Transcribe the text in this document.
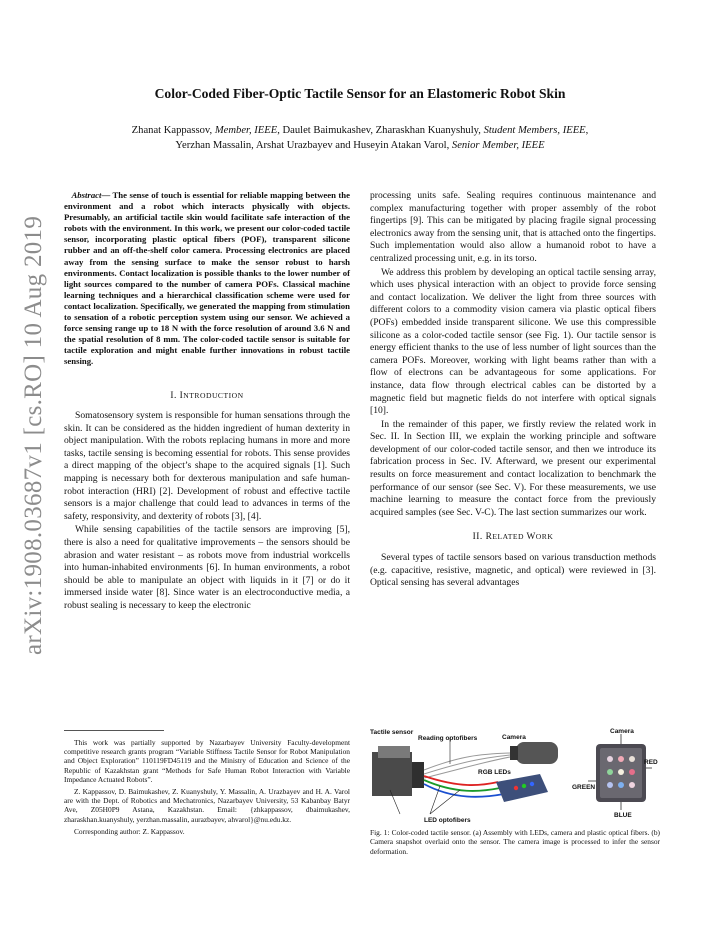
arXiv:1908.03687v1 [cs.RO] 10 Aug 2019
Color-Coded Fiber-Optic Tactile Sensor for an Elastomeric Robot Skin
Zhanat Kappassov, Member, IEEE, Daulet Baimukashev, Zharaskhan Kuanyshuly, Student Members, IEEE,
Yerzhan Massalin, Arshat Urazbayev and Huseyin Atakan Varol, Senior Member, IEEE
Abstract— The sense of touch is essential for reliable mapping between the environment and a robot which interacts physically with objects. Presumably, an artificial tactile skin would facilitate safe interaction of the robots with the environment. In this work, we present our color-coded tactile sensor, incorporating plastic optical fibers (POF), transparent silicone rubber and an off-the-shelf color camera. Processing electronics are placed away from the sensing surface to make the sensor robust to harsh environments. Contact localization is possible thanks to the lower number of light sources compared to the number of camera POFs. Classical machine learning techniques and a hierarchical classification scheme were used for contact localization. Specifically, we generated the mapping from stimulation to sensation of a robotic perception system using our sensor. We achieved a force sensing range up to 18 N with the force resolution of around 3.6 N and the spatial resolution of 8 mm. The color-coded tactile sensor is suitable for tactile exploration and might enable further innovations in robust tactile sensing.
I. INTRODUCTION

Somatosensory system is responsible for human sensations through the skin. It can be considered as the hidden ingredient of human dexterity in object manipulation. With the robots replacing humans in more and more tasks, tactile sensing is becoming essential for robots. This sense provides a direct mapping of the object’s shape to the acquired signals [1]. Such mapping is necessary both for dexterous manipulation and safe human-robot interaction (HRI) [2]. Development of robust and effective tactile sensors is a major challenge that could lead to advances in terms of the safety, responsivity, and dexterity of robots [3], [4].

While sensing capabilities of the tactile sensors are improving [5], there is also a need for qualitative improvements – the sensors should be abrasion and water resistant – as robots move from industrial workcells into human-inhabited environments [6]. In human environments, a robot should be able to manipulate an object with liquids in it [7] or do it immersed inside water [8]. Since water is an electroconductive media, a robust sealing is necessary to keep the electronic

processing units safe. Sealing requires continuous maintenance and complex manufacturing together with proper assembly of the robot fingertips [9]. This can be mitigated by placing fragile signal processing electronics away from the sensing unit, that is attached onto the fingertips. Such implementation would also allow a humanoid robot to have a centralized processing unit, e.g. in its torso.

We address this problem by developing an optical tactile sensing array, which uses physical interaction with an object to provide force sensing and contact localization. We deliver the light from three sources with different colors to a commodity vision camera via plastic optical fibers (POFs) embedded inside transparent silicone. We use this compressible silicone as a color-coded tactile sensor (see Fig. 1). Our tactile sensor is energy efficient thanks to the use of less number of light sources than the camera POFs. Moreover, working with light beams rather than with a flow of electrons can be advantageous for some applications. For instance, data flow through electrical cables can be distorted by a magnetic field but magnetic fields do not interfere with optical signals [10].

In the remainder of this paper, we firstly review the related work in Sec. II. In Section III, we explain the working principle and software development of our color-coded tactile sensor, and then we introduce its fabrication process in Sec. IV. Afterward, we present our experimental results on force measurement and contact localization to benchmark the performance of our sensor (see Sec. V). For these measurements, we use machine learning to measure the contact force from the previously acquired samples (see Sec. V-C). The last section summarizes our work.

II. RELATED WORK

Several types of tactile sensors based on various transduction methods (e.g. capacitive, resistive, magnetic, and optical) were reviewed in [3]. Optical sensing has several advantages

This work was partially supported by Nazarbayev University Faculty-development competitive research grants program “Variable Stiffness Tactile Sensor for Robot Manipulation and Object Exploration” 110119FD45119 and the Ministry of Education and Science of the Republic of Kazakhstan grant “Methods for Safe Human Robot Interaction with Variable Impedance Actuated Robots”.

Z. Kappassov, D. Baimukashev, Z. Kuanyshuly, Y. Massalin, A. Urazbayev and H. A. Varol are with the Dept. of Robotics and Mechatronics, Nazarbayev University, 53 Kabanbay Batyr Ave, Z05H0P9 Astana, Kazakhstan. Email: {zhkappassov, dbaimukashev, zharaskhan.kuanyshuly, yerzhan.massalin, aurazbayev, ahvarol}@nu.edu.kz.

Corresponding author: Z. Kappassov.

Tactile sensor
Reading optofibers	Camera
RGB LEDs
LED optofibers
Camera
RED
GREEN
BLUE
Fig. 1: Color-coded tactile sensor. (a) Assembly with LEDs, camera and plastic optical fibers. (b) Camera snapshot overlaid onto the sensor. The camera image is processed to infer the sensor deformation.
